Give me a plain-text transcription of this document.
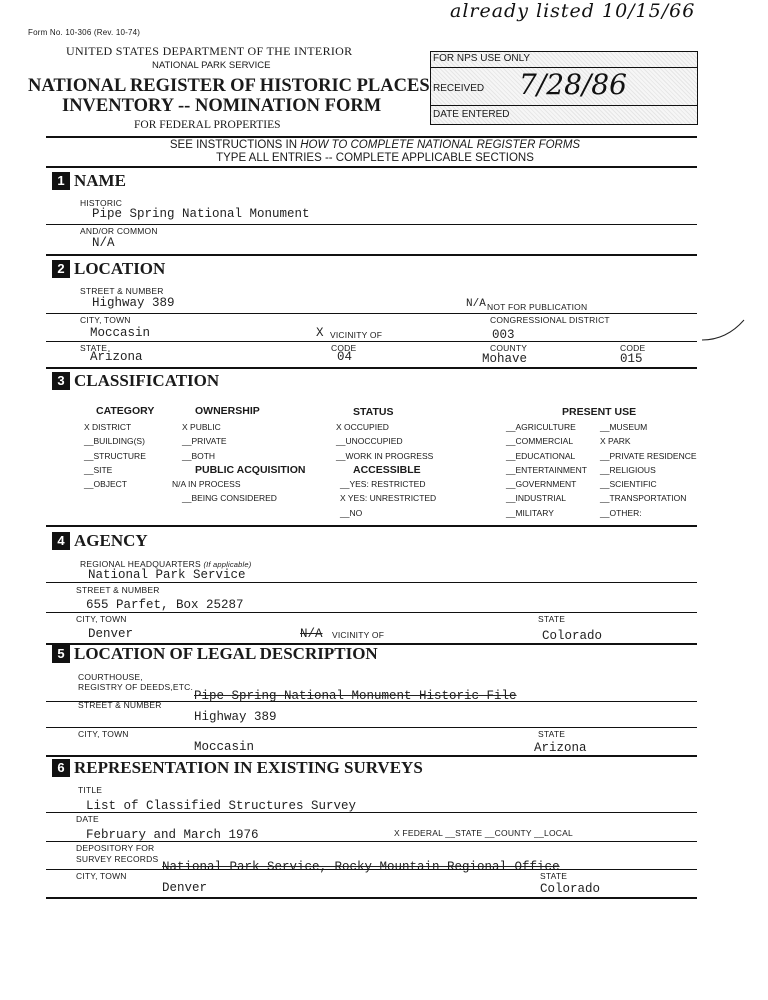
already listed 10/15/66
Form No. 10-306 (Rev. 10-74)
UNITED STATES DEPARTMENT OF THE INTERIOR
NATIONAL PARK SERVICE
NATIONAL REGISTER OF HISTORIC PLACES
INVENTORY -- NOMINATION FORM
FOR FEDERAL PROPERTIES
FOR NPS USE ONLY
RECEIVED
DATE ENTERED
7/28/86
SEE INSTRUCTIONS IN HOW TO COMPLETE NATIONAL REGISTER FORMS
TYPE ALL ENTRIES -- COMPLETE APPLICABLE SECTIONS
1 NAME
HISTORIC
Pipe Spring National Monument
AND/OR COMMON
N/A
2 LOCATION
STREET & NUMBER
Highway 389	N/A NOT FOR PUBLICATION
CITY, TOWN	CONGRESSIONAL DISTRICT
Moccasin	X VICINITY OF	003
STATE	CODE	COUNTY	CODE
Arizona	04	Mohave	015
3 CLASSIFICATION
CATEGORY
X DISTRICT
__BUILDING(S)
__STRUCTURE
__SITE
__OBJECT
OWNERSHIP
X PUBLIC
__PRIVATE
__BOTH
PUBLIC ACQUISITION
N/A IN PROCESS
__BEING CONSIDERED
STATUS
X OCCUPIED
__UNOCCUPIED
__WORK IN PROGRESS
ACCESSIBLE
__YES: RESTRICTED
X YES: UNRESTRICTED
__NO
PRESENT USE
__AGRICULTURE
__COMMERCIAL
__EDUCATIONAL
__ENTERTAINMENT
__GOVERNMENT
__INDUSTRIAL
__MILITARY
__MUSEUM
X PARK
__PRIVATE RESIDENCE
__RELIGIOUS
__SCIENTIFIC
__TRANSPORTATION
__OTHER:
4 AGENCY
REGIONAL HEADQUARTERS (If applicable)
National Park Service
STREET & NUMBER
655 Parfet, Box 25287
CITY, TOWN	STATE
Denver	N/A VICINITY OF	Colorado
5 LOCATION OF LEGAL DESCRIPTION
COURTHOUSE,
REGISTRY OF DEEDS,ETC.
Pipe Spring National Monument Historic File
STREET & NUMBER
Highway 389
CITY, TOWN	STATE
Moccasin	Arizona
6 REPRESENTATION IN EXISTING SURVEYS
TITLE
List of Classified Structures Survey
DATE
February and March 1976	X FEDERAL __STATE __COUNTY __LOCAL
DEPOSITORY FOR
SURVEY RECORDS
National Park Service, Rocky Mountain Regional Office
CITY, TOWN	STATE
Denver	Colorado
